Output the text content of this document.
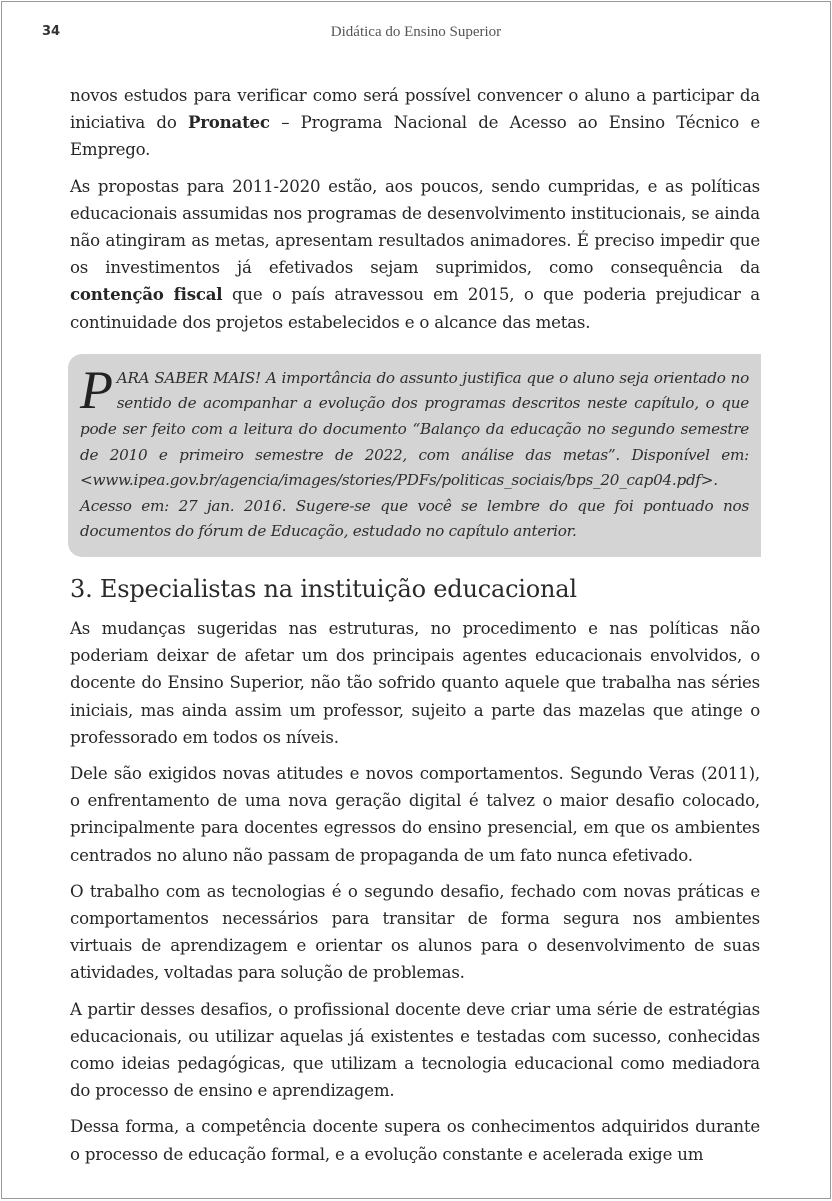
34	Didática do Ensino Superior

novos estudos para verificar como será possível convencer o aluno a participar da iniciativa do Pronatec – Programa Nacional de Acesso ao Ensino Técnico e Emprego.

As propostas para 2011-2020 estão, aos poucos, sendo cumpridas, e as políticas educacionais assumidas nos programas de desenvolvimento institucionais, se ainda não atingiram as metas, apresentam resultados animadores. É preciso impedir que os investimentos já efetivados sejam suprimidos, como consequência da contenção fiscal que o país atravessou em 2015, o que poderia prejudicar a continuidade dos projetos estabelecidos e o alcance das metas.

PARA SABER MAIS! A importância do assunto justifica que o aluno seja orientado no sentido de acompanhar a evolução dos programas descritos neste capítulo, o que pode ser feito com a leitura do documento “Balanço da educação no segundo semestre de 2010 e primeiro semestre de 2022, com análise das metas”. Disponível em: <www.ipea.gov.br/agencia/images/stories/PDFs/politicas_sociais/bps_20_cap04.pdf>. Acesso em: 27 jan. 2016. Sugere-se que você se lembre do que foi pontuado nos documentos do fórum de Educação, estudado no capítulo anterior.
3. Especialistas na instituição educacional

As mudanças sugeridas nas estruturas, no procedimento e nas políticas não poderiam deixar de afetar um dos principais agentes educacionais envolvidos, o docente do Ensino Superior, não tão sofrido quanto aquele que trabalha nas séries iniciais, mas ainda assim um professor, sujeito a parte das mazelas que atinge o professorado em todos os níveis.

Dele são exigidos novas atitudes e novos comportamentos. Segundo Veras (2011), o enfrentamento de uma nova geração digital é talvez o maior desafio colocado, principalmente para docentes egressos do ensino presencial, em que os ambientes centrados no aluno não passam de propaganda de um fato nunca efetivado.

O trabalho com as tecnologias é o segundo desafio, fechado com novas práticas e comportamentos necessários para transitar de forma segura nos ambientes virtuais de aprendizagem e orientar os alunos para o desenvolvimento de suas atividades, voltadas para solução de problemas.

A partir desses desafios, o profissional docente deve criar uma série de estratégias educacionais, ou utilizar aquelas já existentes e testadas com sucesso, conhecidas como ideias pedagógicas, que utilizam a tecnologia educacional como mediadora do processo de ensino e aprendizagem.

Dessa forma, a competência docente supera os conhecimentos adquiridos durante o processo de educação formal, e a evolução constante e acelerada exige um
